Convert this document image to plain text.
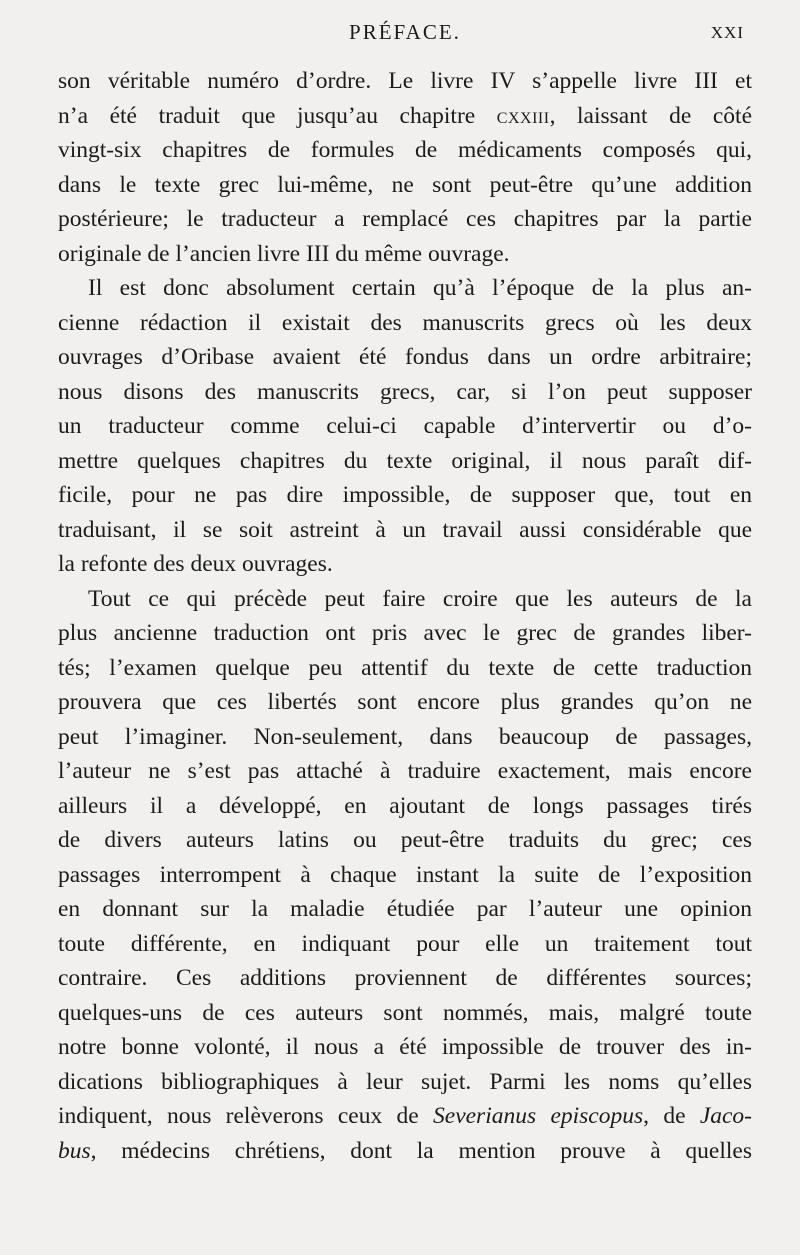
PRÉFACE.	XXI

son véritable numéro d’ordre. Le livre IV s’appelle livre III et
n’a été traduit que jusqu’au chapitre cxxiii, laissant de côté
vingt-six chapitres de formules de médicaments composés qui,
dans le texte grec lui-même, ne sont peut-être qu’une addition
postérieure; le traducteur a remplacé ces chapitres par la partie
originale de l’ancien livre III du même ouvrage.

Il est donc absolument certain qu’à l’époque de la plus an-
cienne rédaction il existait des manuscrits grecs où les deux
ouvrages d’Oribase avaient été fondus dans un ordre arbitraire;
nous disons des manuscrits grecs, car, si l’on peut supposer
un traducteur comme celui-ci capable d’intervertir ou d’o-
mettre quelques chapitres du texte original, il nous paraît dif-
ficile, pour ne pas dire impossible, de supposer que, tout en
traduisant, il se soit astreint à un travail aussi considérable que
la refonte des deux ouvrages.

Tout ce qui précède peut faire croire que les auteurs de la
plus ancienne traduction ont pris avec le grec de grandes liber-
tés; l’examen quelque peu attentif du texte de cette traduction
prouvera que ces libertés sont encore plus grandes qu’on ne
peut l’imaginer. Non-seulement, dans beaucoup de passages,
l’auteur ne s’est pas attaché à traduire exactement, mais encore
ailleurs il a développé, en ajoutant de longs passages tirés
de divers auteurs latins ou peut-être traduits du grec; ces
passages interrompent à chaque instant la suite de l’exposition
en donnant sur la maladie étudiée par l’auteur une opinion
toute différente, en indiquant pour elle un traitement tout
contraire. Ces additions proviennent de différentes sources;
quelques-uns de ces auteurs sont nommés, mais, malgré toute
notre bonne volonté, il nous a été impossible de trouver des in-
dications bibliographiques à leur sujet. Parmi les noms qu’elles
indiquent, nous relèverons ceux de Severianus episcopus, de Jaco-
bus, médecins chrétiens, dont la mention prouve à quelles
